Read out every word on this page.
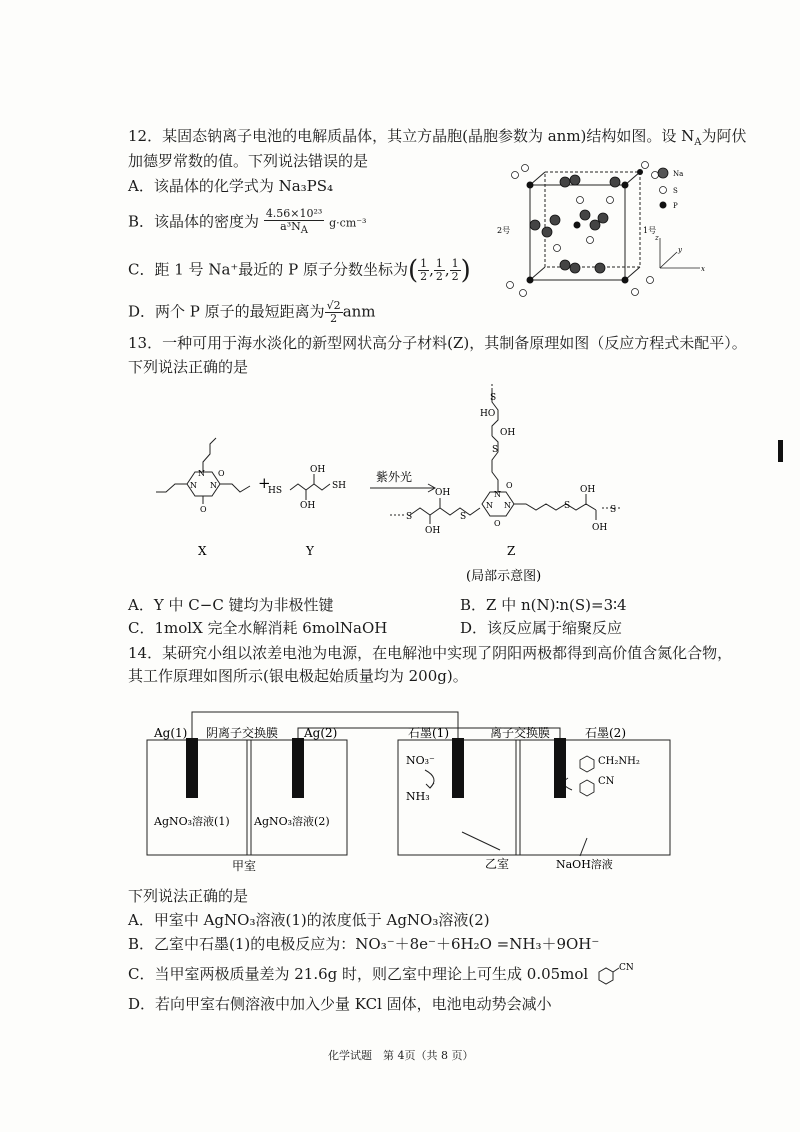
12．某固态钠离子电池的电解质晶体，其立方晶胞(晶胞参数为 anm)结构如图。设 $N_A$为阿伏
加德罗常数的值。下列说法错误的是
A．该晶体的化学式为 Na₃PS₄
B．该晶体的密度为 $\frac{\text{4.56×10²³}}{a^3N_A} g\cdot cm^{-3}$
C．距 1 号 Na⁺最近的 P 原子分数坐标为( $\frac{1}{2}$ , $\frac{1}{2}$ , $\frac{1}{2}$ )
D．两个 P 原子的最短距离为 $\frac{√2}{2}$ anm
2号	1号
Na
S
P
z
y
x
13．一种可用于海水淡化的新型网状高分子材料(Z)，其制备原理如图（反应方程式未配平）。
下列说法正确的是
N
N N
O
O
+
HS	SH
OH
OH
紫外光
S	S
OH
OH
S
HO
OH
S
N
N N
O
O
S
OH
OH
S
X	Y	Z
(局部示意图)
A．Y 中 C−C 键均为非极性键	B．Z 中 n(N)∶n(S)=3∶4
C．1molX 完全水解消耗 6molNaOH	D．该反应属于缩聚反应
14．某研究小组以浓差电池为电源，在电解池中实现了阴阳两极都得到高价值含氮化合物，
其工作原理如图所示(银电极起始质量均为 200g)。
Ag(1) 阴离子交换膜 Ag(2)	石墨(1)	离子交换膜	石墨(2)
NO₃⁻
NH₃
CH₂NH₂
CN
AgNO₃溶液(1) AgNO₃溶液(2)
甲室	乙室	NaOH溶液
下列说法正确的是
A．甲室中 AgNO₃溶液(1)的浓度低于 AgNO₃溶液(2)
B．乙室中石墨(1)的电极反应为：NO₃⁻＋8e⁻＋6H₂O =NH₃＋9OH⁻
C．当甲室两极质量差为 21.6g 时，则乙室中理论上可生成 0.05mol	CN
D．若向甲室右侧溶液中加入少量 KCl 固体，电池电动势会减小
化学试题　第 4页（共 8 页）
